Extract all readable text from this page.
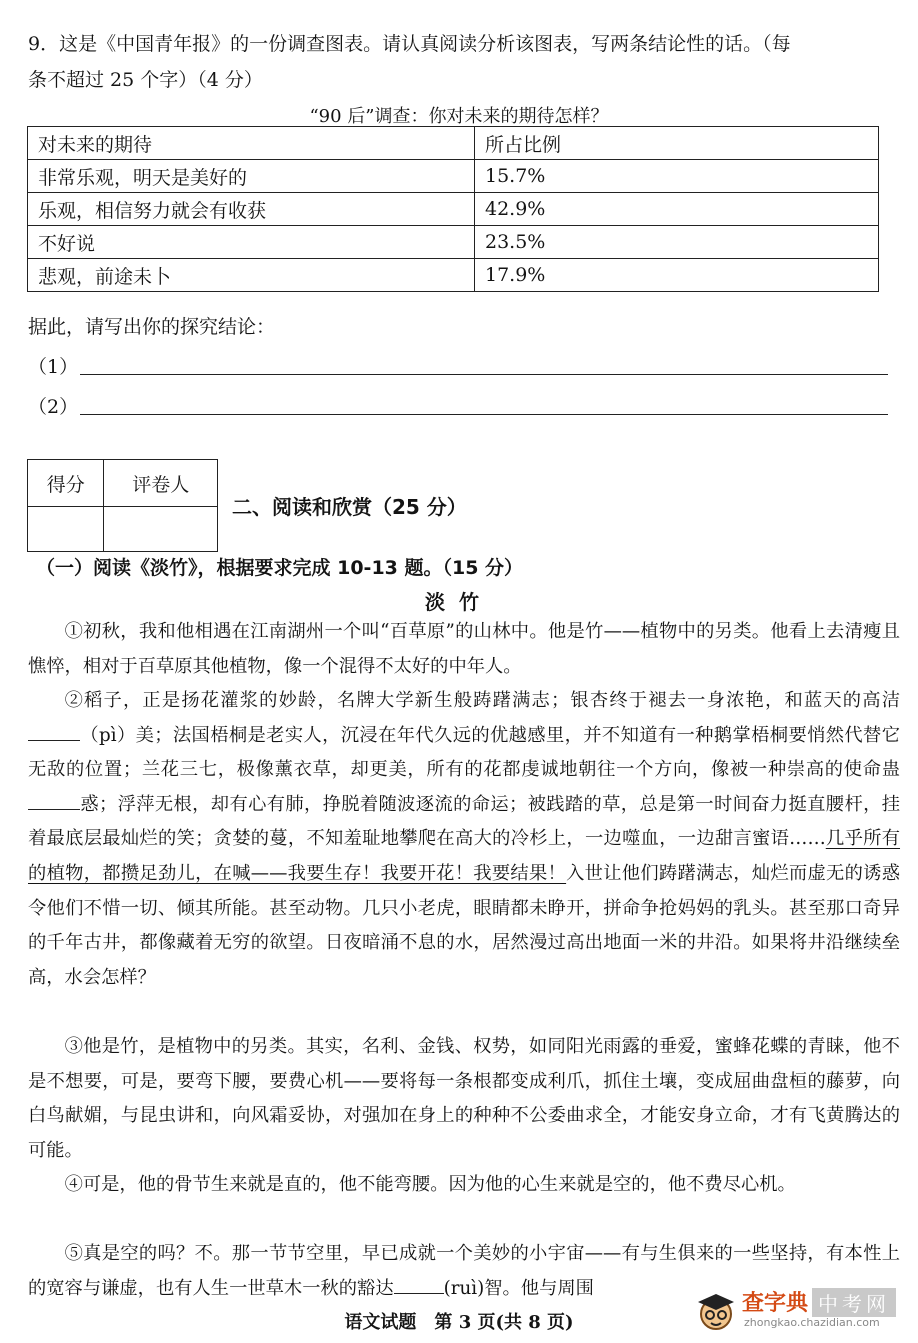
9．这是《中国青年报》的一份调查图表。请认真阅读分析该图表，写两条结论性的话。（每
条不超过 25 个字）（4 分）
“90 后”调查：你对未来的期待怎样？
对未来的期待	所占比例
非常乐观，明天是美好的	15.7%
乐观，相信努力就会有收获	42.9%
不好说	23.5%
悲观，前途未卜	17.9%
据此，请写出你的探究结论：
（1）
（2）
得分	评卷人

二、阅读和欣赏（25 分）
（一）阅读《淡竹》，根据要求完成 10-13 题。（15 分）
淡竹
①初秋，我和他相遇在江南湖州一个叫“百草原”的山林中。他是竹——植物中的另类。他看上去清瘦且憔悴，相对于百草原其他植物，像一个混得不太好的中年人。
②稻子，正是扬花灌浆的妙龄，名牌大学新生般踌躇满志；银杏终于褪去一身浓艳，和蓝天的高洁（pì）美；法国梧桐是老实人，沉浸在年代久远的优越感里，并不知道有一种鹅掌梧桐要悄然代替它无敌的位置；兰花三七，极像薰衣草，却更美，所有的花都虔诚地朝往一个方向，像被一种崇高的使命蛊惑；浮萍无根，却有心有肺，挣脱着随波逐流的命运；被践踏的草，总是第一时间奋力挺直腰杆，挂着最底层最灿烂的笑；贪婪的蔓，不知羞耻地攀爬在高大的冷杉上，一边噬血，一边甜言蜜语……几乎所有的植物，都攒足劲儿，在喊——我要生存！我要开花！我要结果！入世让他们踌躇满志，灿烂而虚无的诱惑令他们不惜一切、倾其所能。甚至动物。几只小老虎，眼睛都未睁开，拼命争抢妈妈的乳头。甚至那口奇异的千年古井，都像藏着无穷的欲望。日夜暗涌不息的水，居然漫过高出地面一米的井沿。如果将井沿继续垒高，水会怎样？
③他是竹，是植物中的另类。其实，名利、金钱、权势，如同阳光雨露的垂爱，蜜蜂花蝶的青睐，他不是不想要，可是，要弯下腰，要费心机——要将每一条根都变成利爪，抓住土壤，变成屈曲盘桓的藤萝，向白鸟献媚，与昆虫讲和，向风霜妥协，对强加在身上的种种不公委曲求全，才能安身立命，才有飞黄腾达的可能。
④可是，他的骨节生来就是直的，他不能弯腰。因为他的心生来就是空的，他不费尽心机。
⑤真是空的吗？不。那一节节空里，早已成就一个美妙的小宇宙——有与生俱来的一些坚持，有本性上的宽容与谦虚，也有人生一世草木一秋的豁达	(ruì)智。他与周围
语文试题　第 3 页(共 8 页)
查字典 中考网
zhongkao.chazidian.com
